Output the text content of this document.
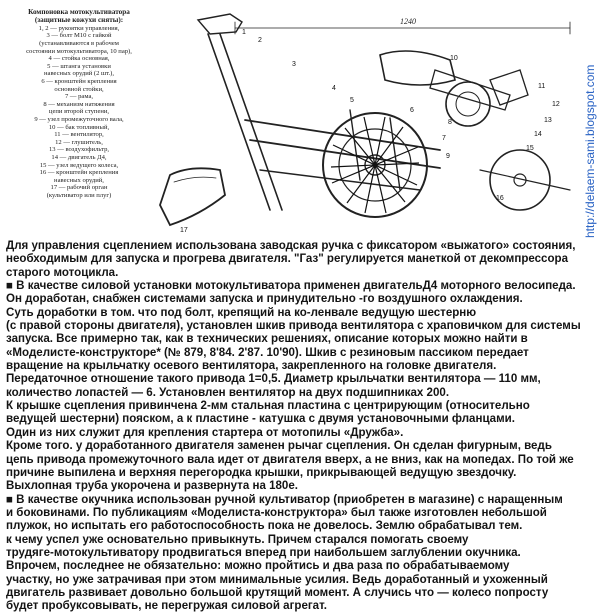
Компоновка мотокультиватора
(защитные кожухи сняты):
1, 2 — рукоятки управления,
3 — болт М10 с гайкой
(устанавливаются в рабочем
состоянии мотокультиватора, 10 пар),
4 — стойка основная,
5 — штанга установки
навесных орудий (2 шт.),
6 — кронштейн крепления
основной стойки,
7 — рама,
8 — механизм натяжения
цепи второй ступени,
9 — узел промежуточного вала,
10 — бак топливный,
11 — вентилятор,
12 — глушитель,
13 — воздухофильтр,
14 — двигатель Д4,
15 — узел ведущего колеса,
16 — кронштейн крепления
навесных орудий,
17 — рабочий орган
(культиватор или плуг)
1240
1
2
3
4
5
6
7
8
9
10
11
12
13
14
15
16
17	http://delaem-sami.blogspot.com

Для управления сцеплением использована заводская ручка с фиксатором «выжатого» состояния,

необходимым для запуска и прогрева двигателя. "Газ" регулируется манеткой от декомпрессора

старого мотоцикла.

■ В качестве силовой установки мотокультиватора применен двигательД4 моторного велосипеда.

Он доработан, снабжен системами запуска и принудительно -го воздушного охлаждения.

Суть доработки в том. что под болт, крепящий на ко-ленвале ведущую шестерню

(с правой стороны двигателя), установлен шкив привода вентилятора с храповичком для системы

запуска. Все примерно так, как в технических решениях, описание которых можно найти в

«Моделисте-конструкторе* (№ 879, 8'84. 2'87. 10'90). Шкив с резиновым пассиком передает

вращение на крыльчатку осевого вентилятора, закрепленного на головке двигателя.

Передаточное отношение такого привода 1=0,5. Диаметр крыльчатки вентилятора — 110 мм,

количество лопастей — 6. Установлен вентилятор на двух подшипниках 200.

К крышке сцепления привинчена 2-мм стальная пластина с центрирующим (относительно

ведущей шестерни) пояском, а к пластине - катушка с двумя установочными фланцами.

Один из них служит для крепления стартера от мотопилы «Дружба».

Кроме того. у доработанного двигателя заменен рычаг сцепления. Он сделан фигурным, ведь

цепь привода промежуточного вала идет от двигателя вверх, а не вниз, как на мопедах. По той же

причине выпилена и верхняя перегородка крышки, прикрывающей ведущую звездочку.

Выхлопная труба укорочена и развернута на 180е.

■ В качестве окучника использован ручной культиватор (приобретен в магазине) с наращенным

и боковинами. По публикациям «Моделиста-конструктора» был также изготовлен небольшой

плужок, но испытать его работоспособность пока не довелось. Землю обрабатывал тем.

к чему успел уже основательно привыкнуть. Причем старался помогать своему

трудяге-мотокультиватору продвигаться вперед при наибольшем заглублении окучника.

Впрочем, последнее не обязательно: можно пройтись и два раза по обрабатываемому

участку, но уже затрачивая при этом минимальные усилия. Ведь доработанный и ухоженный

двигатель развивает довольно большой крутящий момент. А случись что — колесо попросту

будет пробуксовывать, не перегружая силовой агрегат.
